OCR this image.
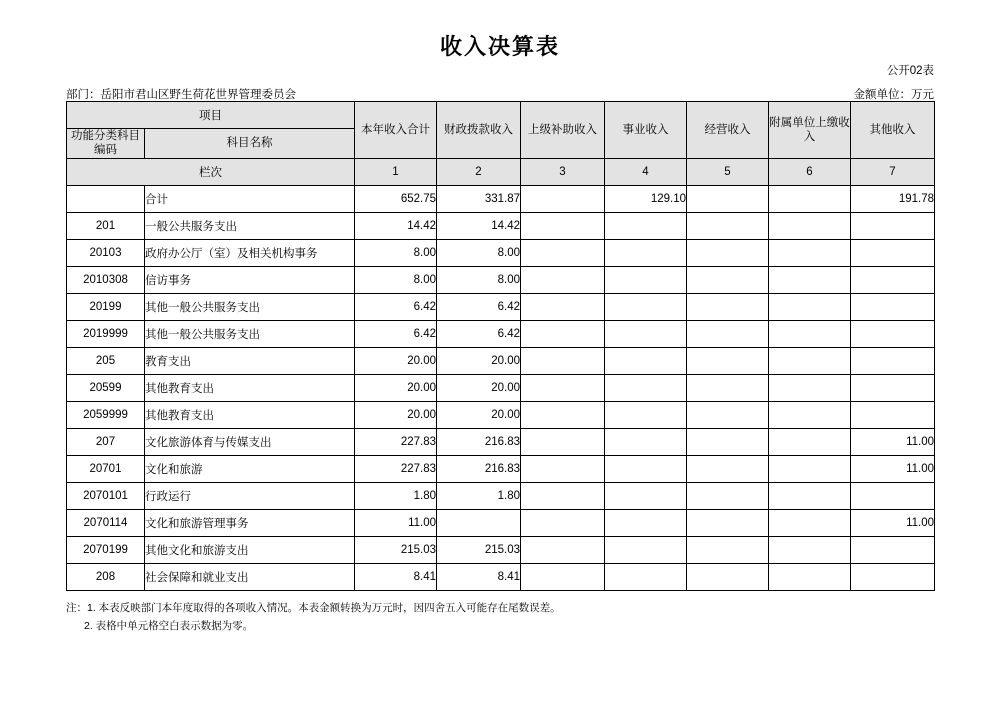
收入决算表
公开02表
部门：岳阳市君山区野生荷花世界管理委员会	金额单位：万元
项目		本年收入合计	财政拨款收入	上级补助收入	事业收入	经营收入	附属单位上缴收入	其他收入
功能分类科目编码	科目名称							
栏次		1	2	3	4	5	6	7
	合计	652.75	331.87		129.10			191.78
201	一般公共服务支出	14.42	14.42					
20103	政府办公厅（室）及相关机构事务	8.00	8.00					
2010308	信访事务	8.00	8.00					
20199	其他一般公共服务支出	6.42	6.42					
2019999	其他一般公共服务支出	6.42	6.42					
205	教育支出	20.00	20.00					
20599	其他教育支出	20.00	20.00					
2059999	其他教育支出	20.00	20.00					
207	文化旅游体育与传媒支出	227.83	216.83					11.00
20701	文化和旅游	227.83	216.83					11.00
2070101	行政运行	1.80	1.80					
2070114	文化和旅游管理事务	11.00						11.00
2070199	其他文化和旅游支出	215.03	215.03					
208	社会保障和就业支出	8.41	8.41					
注：1. 本表反映部门本年度取得的各项收入情况。本表金额转换为万元时，因四舍五入可能存在尾数误差。
2. 表格中单元格空白表示数据为零。
